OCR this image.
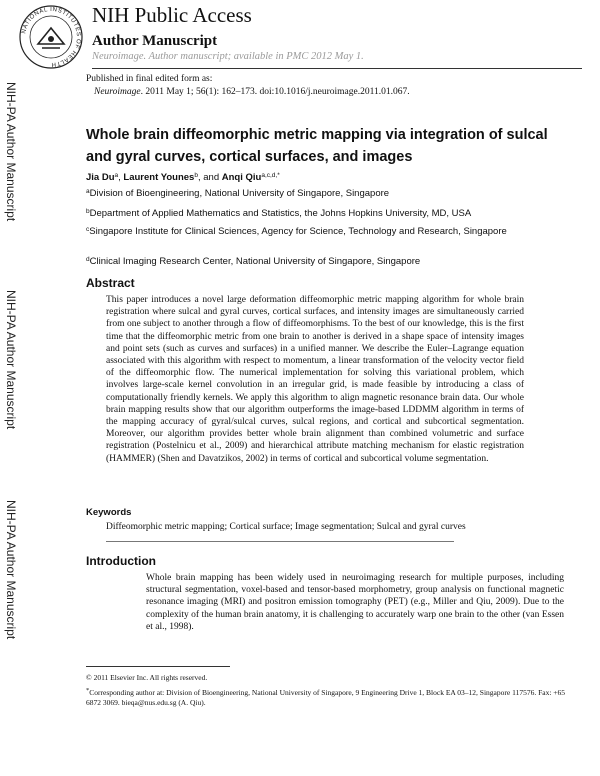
NATIONAL INSTITUTES OF HEALTH
NIH Public Access
Author Manuscript
Neuroimage. Author manuscript; available in PMC 2012 May 1.
Published in final edited form as:
Neuroimage. 2011 May 1; 56(1): 162–173. doi:10.1016/j.neuroimage.2011.01.067.
NIH-PA Author Manuscript
NIH-PA Author Manuscript
NIH-PA Author Manuscript
Whole brain diffeomorphic metric mapping via integration of sulcal and gyral curves, cortical surfaces, and images
Jia Du$^a$, Laurent Younes$^b$, and Anqi Qiu$^{a,c,d,*}$
$^a$Division of Bioengineering, National University of Singapore, Singapore
$^b$Department of Applied Mathematics and Statistics, the Johns Hopkins University, MD, USA
$^c$Singapore Institute for Clinical Sciences, Agency for Science, Technology and Research, Singapore
$^d$Clinical Imaging Research Center, National University of Singapore, Singapore
Abstract
This paper introduces a novel large deformation diffeomorphic metric mapping algorithm for whole brain registration where sulcal and gyral curves, cortical surfaces, and intensity images are simultaneously carried from one subject to another through a flow of diffeomorphisms. To the best of our knowledge, this is the first time that the diffeomorphic metric from one brain to another is derived in a shape space of intensity images and point sets (such as curves and surfaces) in a unified manner. We describe the Euler–Lagrange equation associated with this algorithm with respect to momentum, a linear transformation of the velocity vector field of the diffeomorphic flow. The numerical implementation for solving this variational problem, which involves large-scale kernel convolution in an irregular grid, is made feasible by introducing a class of computationally friendly kernels. We apply this algorithm to align magnetic resonance brain data. Our whole brain mapping results show that our algorithm outperforms the image-based LDDMM algorithm in terms of the mapping accuracy of gyral/sulcal curves, sulcal regions, and cortical and subcortical segmentation. Moreover, our algorithm provides better whole brain alignment than combined volumetric and surface registration (Postelnicu et al., 2009) and hierarchical attribute matching mechanism for elastic registration (HAMMER) (Shen and Davatzikos, 2002) in terms of cortical and subcortical volume segmentation.
Keywords
Diffeomorphic metric mapping; Cortical surface; Image segmentation; Sulcal and gyral curves
Introduction
Whole brain mapping has been widely used in neuroimaging research for multiple purposes, including structural segmentation, voxel-based and tensor-based morphometry, group analysis on functional magnetic resonance imaging (MRI) and positron emission tomography (PET) (e.g., Miller and Qiu, 2009). Due to the complexity of the human brain anatomy, it is challenging to accurately warp one brain to the other (van Essen et al., 1998).
© 2011 Elsevier Inc. All rights reserved.
*Corresponding author at: Division of Bioengineering, National University of Singapore, 9 Engineering Drive 1, Block EA 03–12, Singapore 117576. Fax: +65 6872 3069. bieqa@nus.edu.sg (A. Qiu).
